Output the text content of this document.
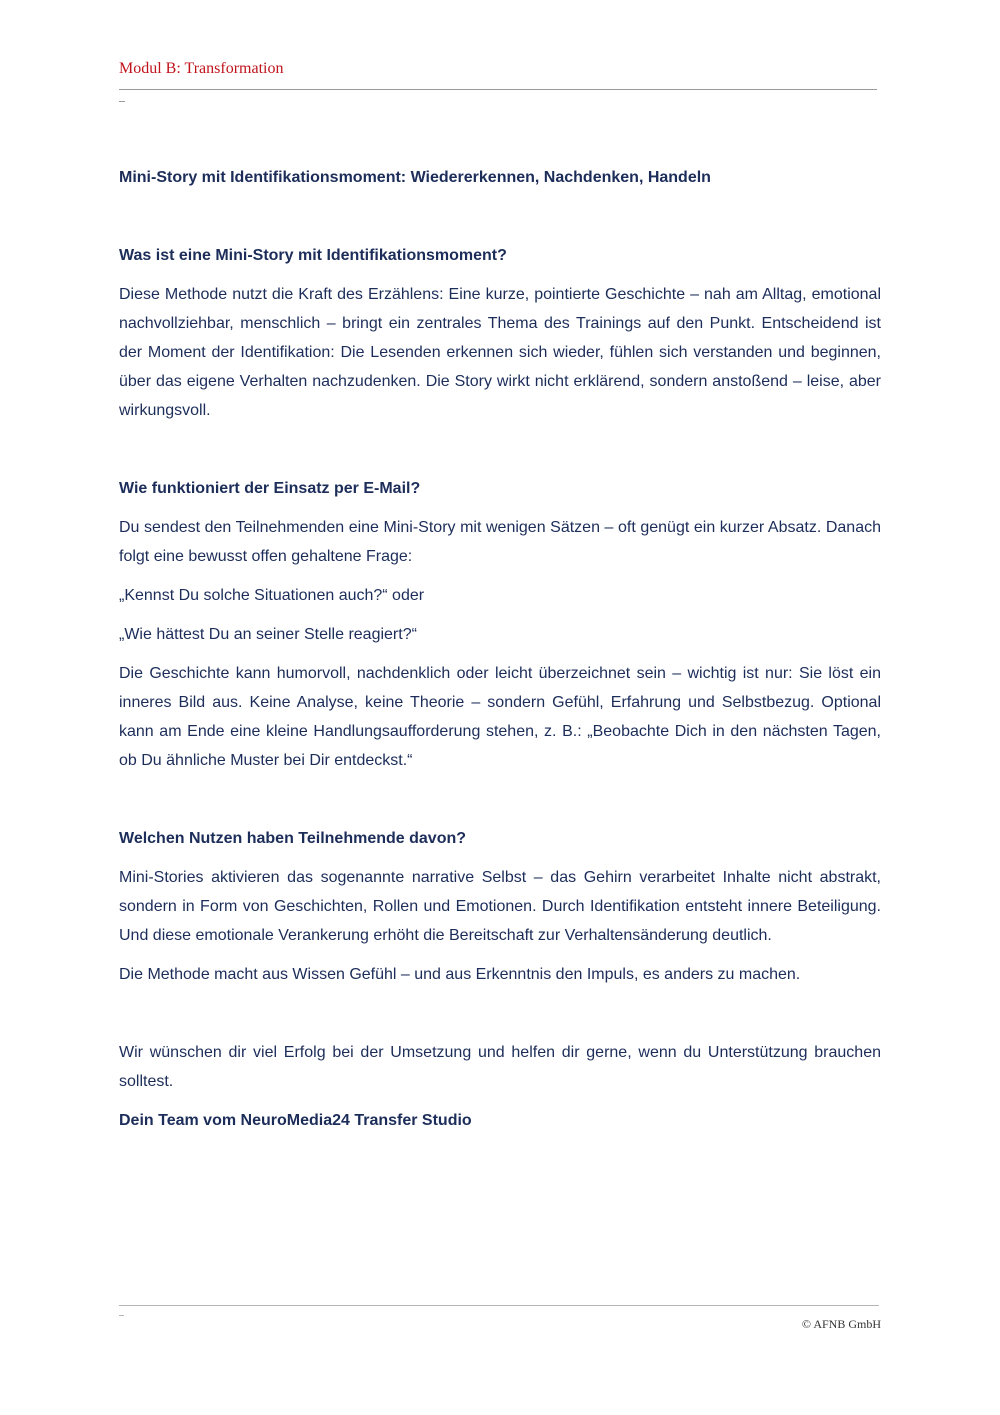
Modul B: Transformation

Mini-Story mit Identifikationsmoment: Wiedererkennen, Nachdenken, Handeln

Was ist eine Mini-Story mit Identifikationsmoment?

Diese Methode nutzt die Kraft des Erzählens: Eine kurze, pointierte Geschichte – nah am Alltag, emotional nachvollziehbar, menschlich – bringt ein zentrales Thema des Trainings auf den Punkt. Entscheidend ist der Moment der Identifikation: Die Lesenden erkennen sich wieder, fühlen sich verstanden und beginnen, über das eigene Verhalten nachzudenken. Die Story wirkt nicht erklärend, sondern anstoßend – leise, aber wirkungsvoll.

Wie funktioniert der Einsatz per E-Mail?

Du sendest den Teilnehmenden eine Mini-Story mit wenigen Sätzen – oft genügt ein kurzer Absatz. Danach folgt eine bewusst offen gehaltene Frage:

„Kennst Du solche Situationen auch?“ oder

„Wie hättest Du an seiner Stelle reagiert?“

Die Geschichte kann humorvoll, nachdenklich oder leicht überzeichnet sein – wichtig ist nur: Sie löst ein inneres Bild aus. Keine Analyse, keine Theorie – sondern Gefühl, Erfahrung und Selbstbezug. Optional kann am Ende eine kleine Handlungsaufforderung stehen, z. B.: „Beobachte Dich in den nächsten Tagen, ob Du ähnliche Muster bei Dir entdeckst.“

Welchen Nutzen haben Teilnehmende davon?

Mini-Stories aktivieren das sogenannte narrative Selbst – das Gehirn verarbeitet Inhalte nicht abstrakt, sondern in Form von Geschichten, Rollen und Emotionen. Durch Identifikation entsteht innere Beteiligung. Und diese emotionale Verankerung erhöht die Bereitschaft zur Verhaltensänderung deutlich.

Die Methode macht aus Wissen Gefühl – und aus Erkenntnis den Impuls, es anders zu machen.

Wir wünschen dir viel Erfolg bei der Umsetzung und helfen dir gerne, wenn du Unterstützung brauchen solltest.

Dein Team vom NeuroMedia24 Transfer Studio

© AFNB GmbH
